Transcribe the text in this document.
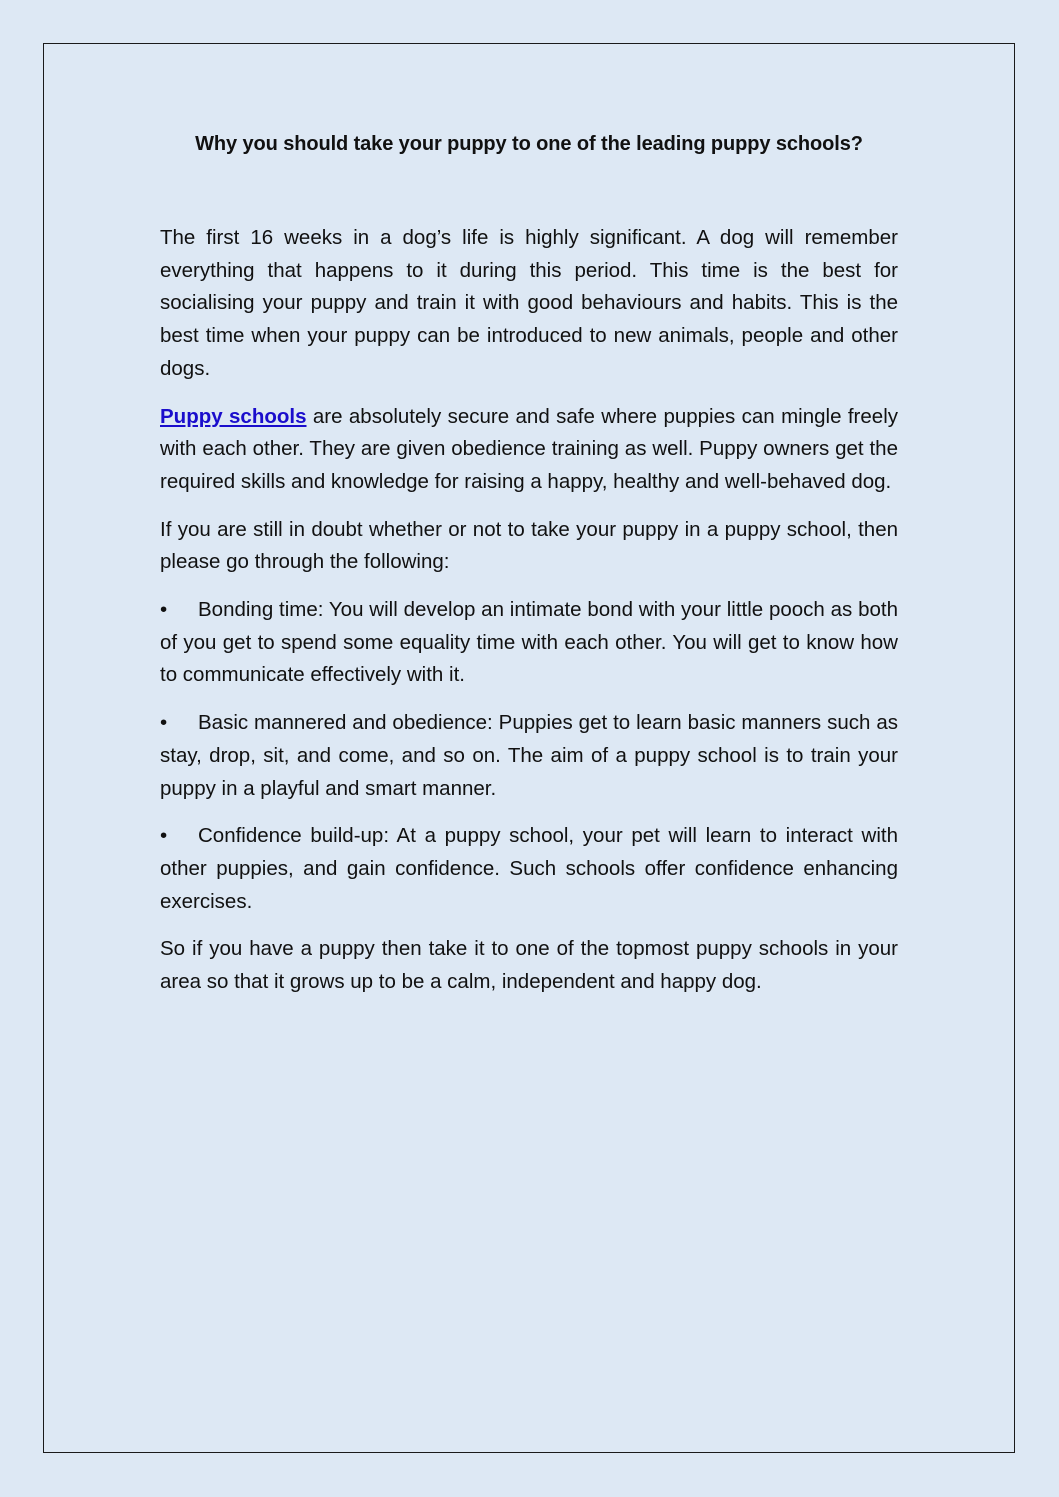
Why you should take your puppy to one of the leading puppy schools?

The first 16 weeks in a dog’s life is highly significant. A dog will remember everything that happens to it during this period. This time is the best for socialising your puppy and train it with good behaviours and habits. This is the best time when your puppy can be introduced to new animals, people and other dogs.

Puppy schools are absolutely secure and safe where puppies can mingle freely with each other. They are given obedience training as well. Puppy owners get the required skills and knowledge for raising a happy, healthy and well-behaved dog.

If you are still in doubt whether or not to take your puppy in a puppy school, then please go through the following:

• Bonding time: You will develop an intimate bond with your little pooch as both of you get to spend some equality time with each other. You will get to know how to communicate effectively with it.

• Basic mannered and obedience: Puppies get to learn basic manners such as stay, drop, sit, and come, and so on. The aim of a puppy school is to train your puppy in a playful and smart manner.

• Confidence build-up: At a puppy school, your pet will learn to interact with other puppies, and gain confidence. Such schools offer confidence enhancing exercises.

So if you have a puppy then take it to one of the topmost puppy schools in your area so that it grows up to be a calm, independent and happy dog.
